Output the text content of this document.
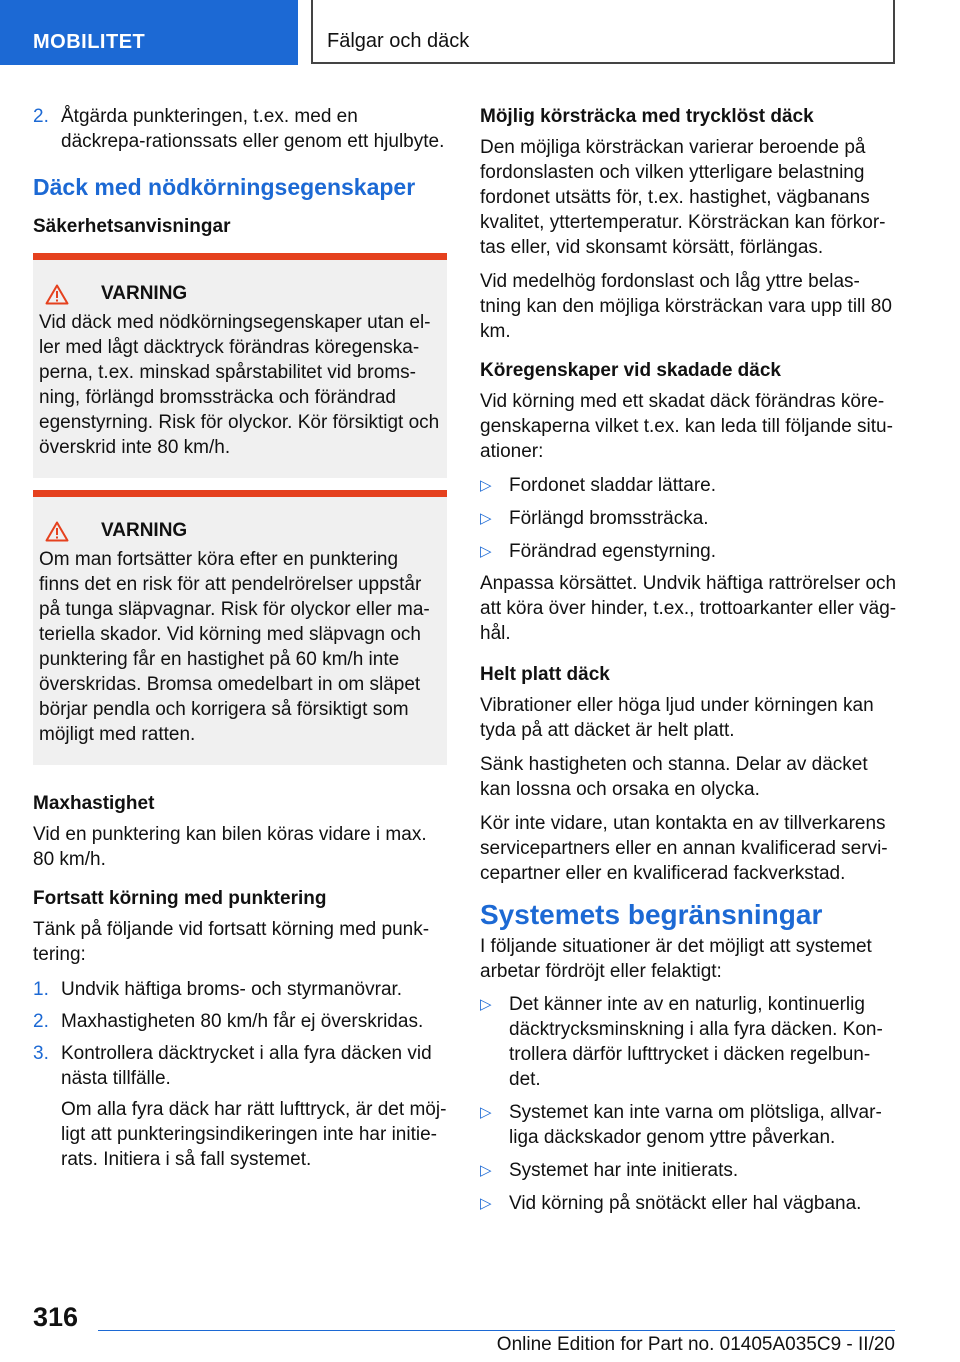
MOBILITET	Fälgar och däck
2. Åtgärda punkteringen, t.ex. med en däckrepa-rationssats eller genom ett hjulbyte.

Däck med nödkörningsegenskaper

Säkerhetsanvisningar

VARNING

Vid däck med nödkörningsegenskaper utan el-ler med lågt däcktryck förändras köregenska-perna, t.ex. minskad spårstabilitet vid broms-ning, förlängd bromssträcka och förändrad egenstyrning. Risk för olyckor. Kör försiktigt och överskrid inte 80 km/h.

VARNING

Om man fortsätter köra efter en punktering finns det en risk för att pendelrörelser uppstår på tunga släpvagnar. Risk för olyckor eller ma-teriella skador. Vid körning med släpvagn och punktering får en hastighet på 60 km/h inte överskridas. Bromsa omedelbart in om släpet börjar pendla och korrigera så försiktigt som möjligt med ratten.

Maxhastighet

Vid en punktering kan bilen köras vidare i max. 80 km/h.

Fortsatt körning med punktering

Tänk på följande vid fortsatt körning med punk-tering:

1. Undvik häftiga broms- och styrmanövrar.
2. Maxhastigheten 80 km/h får ej överskridas.
3. Kontrollera däcktrycket i alla fyra däcken vid nästa tillfälle.
Om alla fyra däck har rätt lufttryck, är det möj-ligt att punkteringsindikeringen inte har initie-rats. Initiera i så fall systemet.

Möjlig körsträcka med trycklöst däck

Den möjliga körsträckan varierar beroende på fordonslasten och vilken ytterligare belastning fordonet utsätts för, t.ex. hastighet, vägbanans kvalitet, yttertemperatur. Körsträckan kan förkor-tas eller, vid skonsamt körsätt, förlängas.

Vid medelhög fordonslast och låg yttre belas-tning kan den möjliga körsträckan vara upp till 80 km.

Köregenskaper vid skadade däck

Vid körning med ett skadat däck förändras köre-genskaperna vilket t.ex. kan leda till följande situ-ationer:

▷ Fordonet sladdar lättare.
▷ Förlängd bromssträcka.
▷ Förändrad egenstyrning.

Anpassa körsättet. Undvik häftiga rattrörelser och att köra över hinder, t.ex., trottoarkanter eller väg-hål.

Helt platt däck

Vibrationer eller höga ljud under körningen kan tyda på att däcket är helt platt.

Sänk hastigheten och stanna. Delar av däcket kan lossna och orsaka en olycka.

Kör inte vidare, utan kontakta en av tillverkarens servicepartners eller en annan kvalificerad servi-cepartner eller en kvalificerad fackverkstad.

Systemets begränsningar

I följande situationer är det möjligt att systemet arbetar fördröjt eller felaktigt:

▷ Det känner inte av en naturlig, kontinuerlig däcktrycksminskning i alla fyra däcken. Kon-trollera därför lufttrycket i däcken regelbun-det.
▷ Systemet kan inte varna om plötsliga, allvar-liga däckskador genom yttre påverkan.
▷ Systemet har inte initierats.
▷ Vid körning på snötäckt eller hal vägbana.
316
Online Edition for Part no. 01405A035C9 - II/20
